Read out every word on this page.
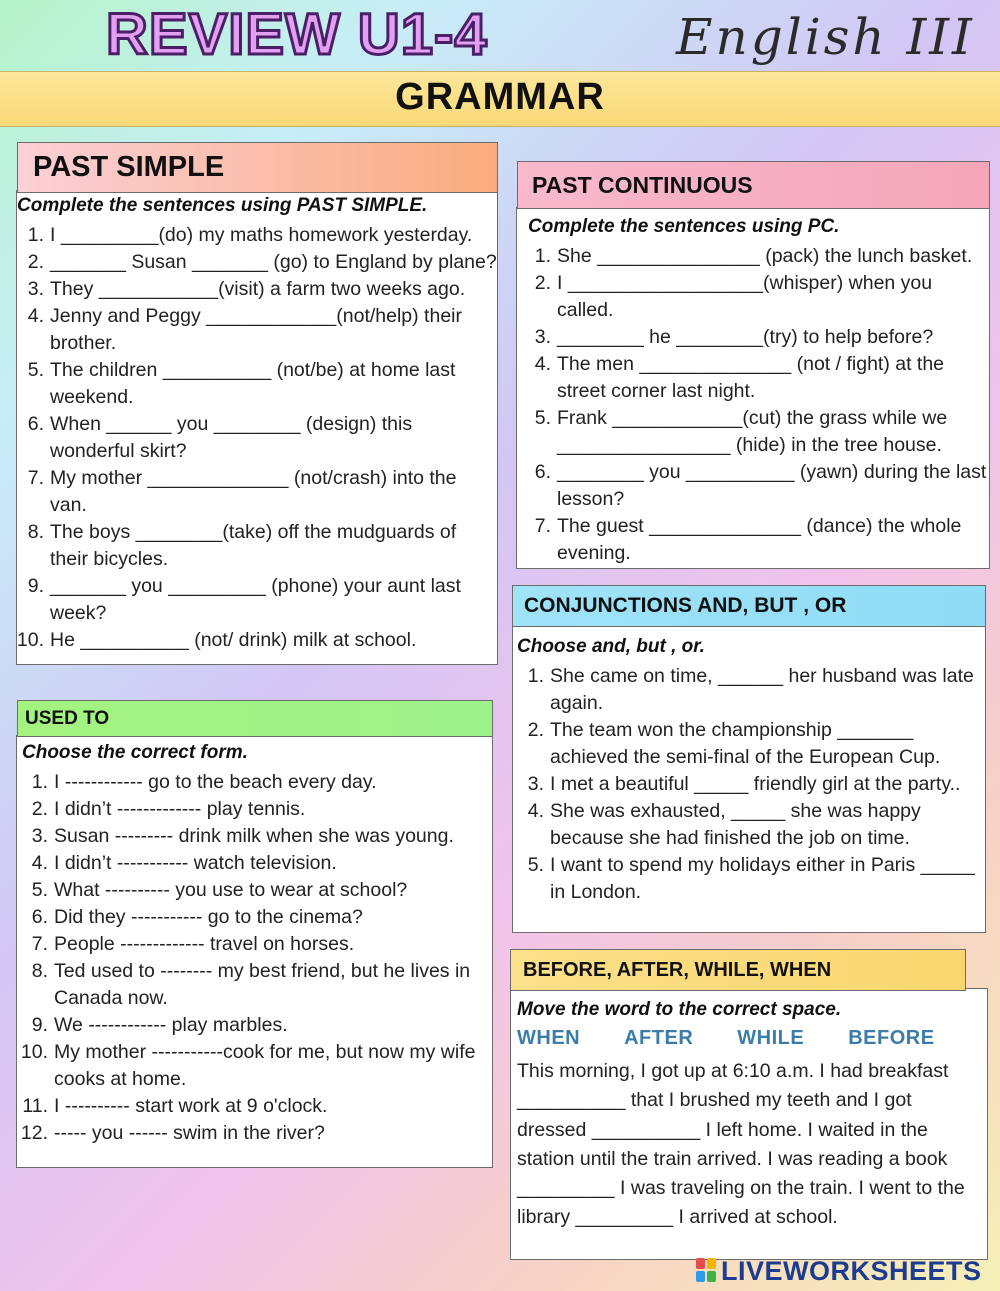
REVIEW U1-4	English III
GRAMMAR
PAST SIMPLE
Complete the sentences using PAST SIMPLE.
1. I _________(do) my maths homework yesterday.
2. _______ Susan _______ (go) to England by plane?
3. They ___________(visit) a farm two weeks ago.
4. Jenny and Peggy ____________(not/help) their brother.
5. The children __________ (not/be) at home last weekend.
6. When ______ you ________ (design) this wonderful skirt?
7. My mother _____________ (not/crash) into the van.
8. The boys ________(take) off the mudguards of their bicycles.
9. _______ you _________ (phone) your aunt last week?
10. He __________ (not/ drink) milk at school.
USED TO
Choose the correct form.
1. I ------------ go to the beach every day.
2. I didn’t ------------- play tennis.
3. Susan --------- drink milk when she was young.
4. I didn’t ----------- watch television.
5. What ---------- you use to wear at school?
6. Did they ----------- go to the cinema?
7. People ------------- travel on horses.
8. Ted used to -------- my best friend, but he lives in Canada now.
9. We ------------ play marbles.
10. My mother -----------cook for me, but now my wife cooks at home.
11. I ---------- start work at 9 o'clock.
12. ----- you ------ swim in the river?
PAST CONTINUOUS
Complete the sentences using PC.
1. She _______________ (pack) the lunch basket.
2. I __________________(whisper) when you called.
3. ________ he ________(try) to help before?
4. The men ______________ (not / fight) at the street corner last night.
5. Frank ____________(cut) the grass while we ________________ (hide) in the tree house.
6. ________ you __________ (yawn) during the last lesson?
7. The guest ______________ (dance) the whole evening.
CONJUNCTIONS AND, BUT , OR
Choose and, but , or.
1. She came on time, ______ her husband was late again.
2. The team won the championship _______ achieved the semi-final of the European Cup.
3. I met a beautiful _____ friendly girl at the party..
4. She was exhausted, _____ she was happy because she had finished the job on time.
5. I want to spend my holidays either in Paris _____ in London.
BEFORE, AFTER, WHILE, WHEN
Move the word to the correct space.
WHEN AFTER WHILE BEFORE
This morning, I got up at 6:10 a.m. I had breakfast __________ that I brushed my teeth and I got dressed __________ I left home. I waited in the station until the train arrived. I was reading a book _________ I was traveling on the train. I went to the library _________ I arrived at school.
LIVEWORKSHEETS
